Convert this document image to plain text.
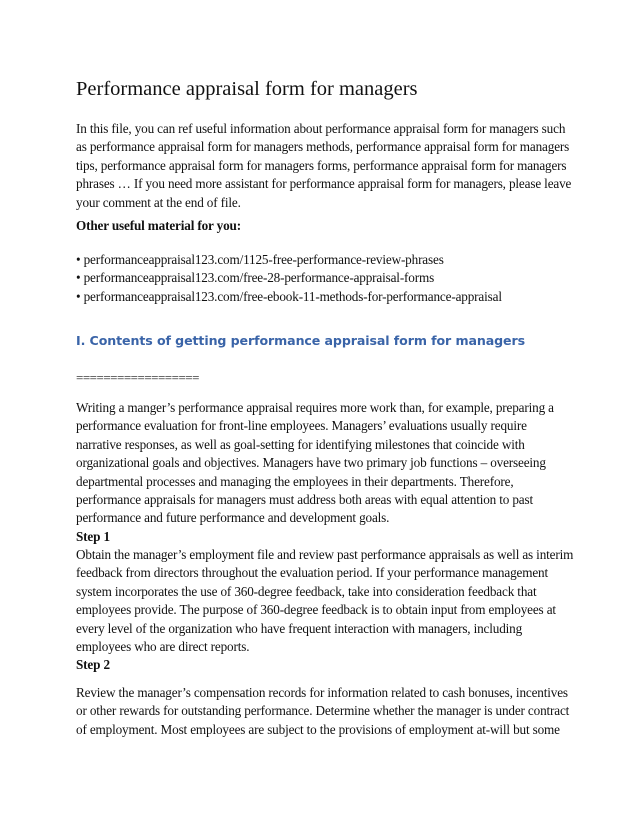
Performance appraisal form for managers
In this file, you can ref useful information about performance appraisal form for managers such
as performance appraisal form for managers methods, performance appraisal form for managers
tips, performance appraisal form for managers forms, performance appraisal form for managers
phrases … If you need more assistant for performance appraisal form for managers, please leave
your comment at the end of file.
Other useful material for you:
• performanceappraisal123.com/1125-free-performance-review-phrases
• performanceappraisal123.com/free-28-performance-appraisal-forms
• performanceappraisal123.com/free-ebook-11-methods-for-performance-appraisal
I. Contents of getting performance appraisal form for managers
==================
Writing a manger’s performance appraisal requires more work than, for example, preparing a
performance evaluation for front-line employees. Managers’ evaluations usually require
narrative responses, as well as goal-setting for identifying milestones that coincide with
organizational goals and objectives. Managers have two primary job functions – overseeing
departmental processes and managing the employees in their departments. Therefore,
performance appraisals for managers must address both areas with equal attention to past
performance and future performance and development goals.
Step 1
Obtain the manager’s employment file and review past performance appraisals as well as interim
feedback from directors throughout the evaluation period. If your performance management
system incorporates the use of 360-degree feedback, take into consideration feedback that
employees provide. The purpose of 360-degree feedback is to obtain input from employees at
every level of the organization who have frequent interaction with managers, including
employees who are direct reports.
Step 2
Review the manager’s compensation records for information related to cash bonuses, incentives
or other rewards for outstanding performance. Determine whether the manager is under contract
of employment. Most employees are subject to the provisions of employment at-will but some
